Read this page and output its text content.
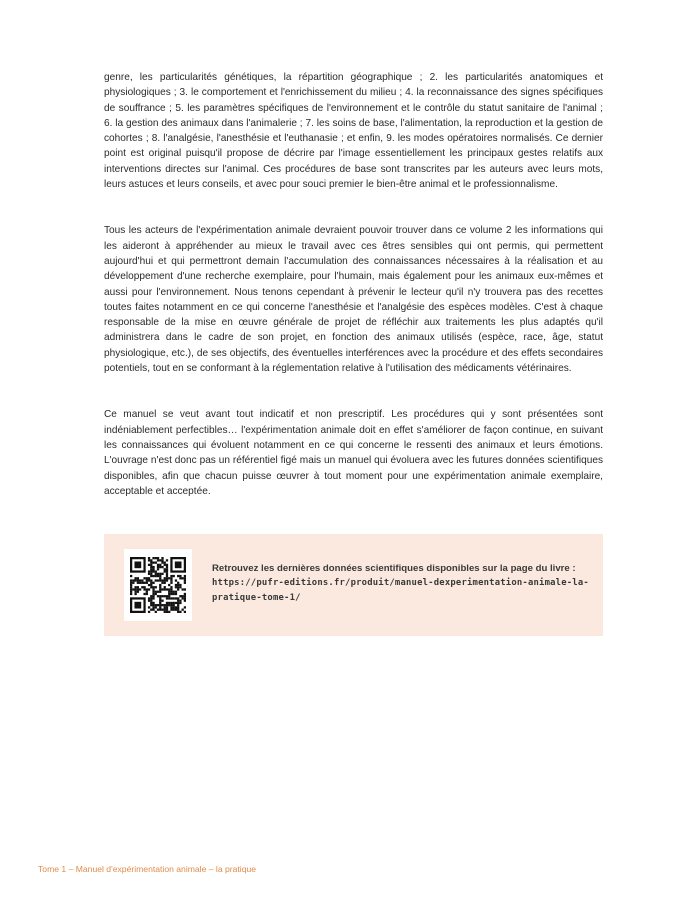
genre, les particularités génétiques, la répartition géographique ; 2. les particularités anatomiques et physiologiques ; 3. le comportement et l'enrichissement du milieu ; 4. la reconnaissance des signes spécifiques de souffrance ; 5. les paramètres spécifiques de l'environnement et le contrôle du statut sanitaire de l'animal ; 6. la gestion des animaux dans l'animalerie ; 7. les soins de base, l'alimentation, la reproduction et la gestion de cohortes ; 8. l'analgésie, l'anesthésie et l'euthanasie ; et enfin, 9. les modes opératoires normalisés. Ce dernier point est original puisqu'il propose de décrire par l'image essentiellement les principaux gestes relatifs aux interventions directes sur l'animal. Ces procédures de base sont transcrites par les auteurs avec leurs mots, leurs astuces et leurs conseils, et avec pour souci premier le bien-être animal et le professionnalisme.

Tous les acteurs de l'expérimentation animale devraient pouvoir trouver dans ce volume 2 les informations qui les aideront à appréhender au mieux le travail avec ces êtres sensibles qui ont permis, qui permettent aujourd'hui et qui permettront demain l'accumulation des connaissances nécessaires à la réalisation et au développement d'une recherche exemplaire, pour l'humain, mais également pour les animaux eux-mêmes et aussi pour l'environnement. Nous tenons cependant à prévenir le lecteur qu'il n'y trouvera pas des recettes toutes faites notamment en ce qui concerne l'anesthésie et l'analgésie des espèces modèles. C'est à chaque responsable de la mise en œuvre générale de projet de réfléchir aux traitements les plus adaptés qu'il administrera dans le cadre de son projet, en fonction des animaux utilisés (espèce, race, âge, statut physiologique, etc.), de ses objectifs, des éventuelles interférences avec la procédure et des effets secondaires potentiels, tout en se conformant à la réglementation relative à l'utilisation des médicaments vétérinaires.

Ce manuel se veut avant tout indicatif et non prescriptif. Les procédures qui y sont présentées sont indéniablement perfectibles… l'expérimentation animale doit en effet s'améliorer de façon continue, en suivant les connaissances qui évoluent notamment en ce qui concerne le ressenti des animaux et leurs émotions. L'ouvrage n'est donc pas un référentiel figé mais un manuel qui évoluera avec les futures données scientifiques disponibles, afin que chacun puisse œuvrer à tout moment pour une expérimentation animale exemplaire, acceptable et acceptée.

Retrouvez les dernières données scientifiques disponibles sur la page du livre :
https://pufr-editions.fr/produit/manuel-dexperimentation-animale-la-pratique-tome-1/
Tome 1 – Manuel d'expérimentation animale – la pratique
